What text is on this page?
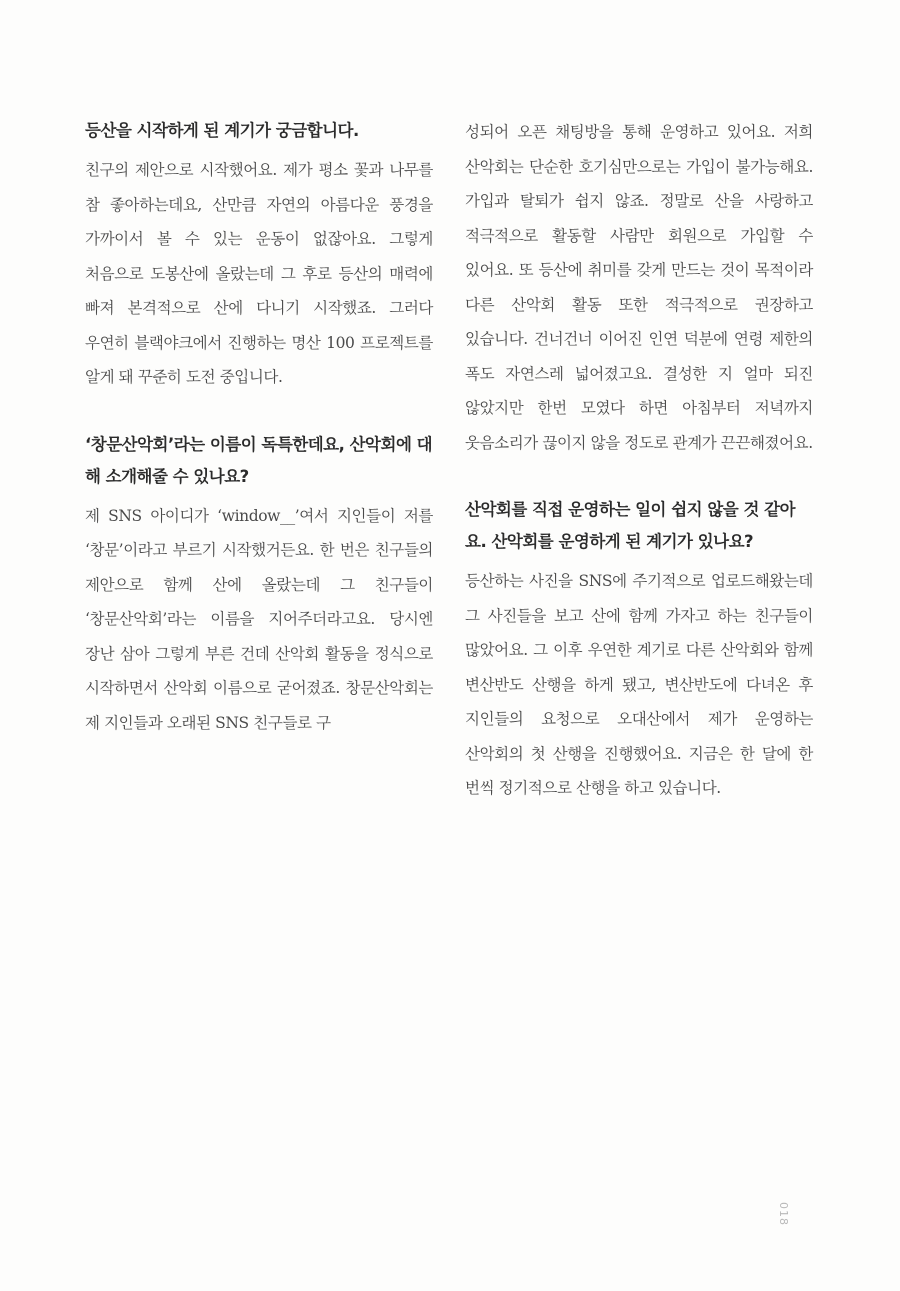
등산을 시작하게 된 계기가 궁금합니다.

친구의 제안으로 시작했어요. 제가 평소 꽃과 나무를 참 좋아하는데요, 산만큼 자연의 아름다운 풍경을 가까이서 볼 수 있는 운동이 없잖아요. 그렇게 처음으로 도봉산에 올랐는데 그 후로 등산의 매력에 빠져 본격적으로 산에 다니기 시작했죠. 그러다 우연히 블랙야크에서 진행하는 명산 100 프로젝트를 알게 돼 꾸준히 도전 중입니다.

‘창문산악회’라는 이름이 독특한데요, 산악회에 대해 소개해줄 수 있나요?

제 SNS 아이디가 ‘window__’여서 지인들이 저를 ‘창문’이라고 부르기 시작했거든요. 한 번은 친구들의 제안으로 함께 산에 올랐는데 그 친구들이 ‘창문산악회’라는 이름을 지어주더라고요. 당시엔 장난 삼아 그렇게 부른 건데 산악회 활동을 정식으로 시작하면서 산악회 이름으로 굳어졌죠. 창문산악회는 제 지인들과 오래된 SNS 친구들로 구

성되어 오픈 채팅방을 통해 운영하고 있어요. 저희 산악회는 단순한 호기심만으로는 가입이 불가능해요. 가입과 탈퇴가 쉽지 않죠. 정말로 산을 사랑하고 적극적으로 활동할 사람만 회원으로 가입할 수 있어요. 또 등산에 취미를 갖게 만드는 것이 목적이라 다른 산악회 활동 또한 적극적으로 권장하고 있습니다. 건너건너 이어진 인연 덕분에 연령 제한의 폭도 자연스레 넓어졌고요. 결성한 지 얼마 되진 않았지만 한번 모였다 하면 아침부터 저녁까지 웃음소리가 끊이지 않을 정도로 관계가 끈끈해졌어요.

산악회를 직접 운영하는 일이 쉽지 않을 것 같아요. 산악회를 운영하게 된 계기가 있나요?

등산하는 사진을 SNS에 주기적으로 업로드해왔는데 그 사진들을 보고 산에 함께 가자고 하는 친구들이 많았어요. 그 이후 우연한 계기로 다른 산악회와 함께 변산반도 산행을 하게 됐고, 변산반도에 다녀온 후 지인들의 요청으로 오대산에서 제가 운영하는 산악회의 첫 산행을 진행했어요. 지금은 한 달에 한 번씩 정기적으로 산행을 하고 있습니다.

018
